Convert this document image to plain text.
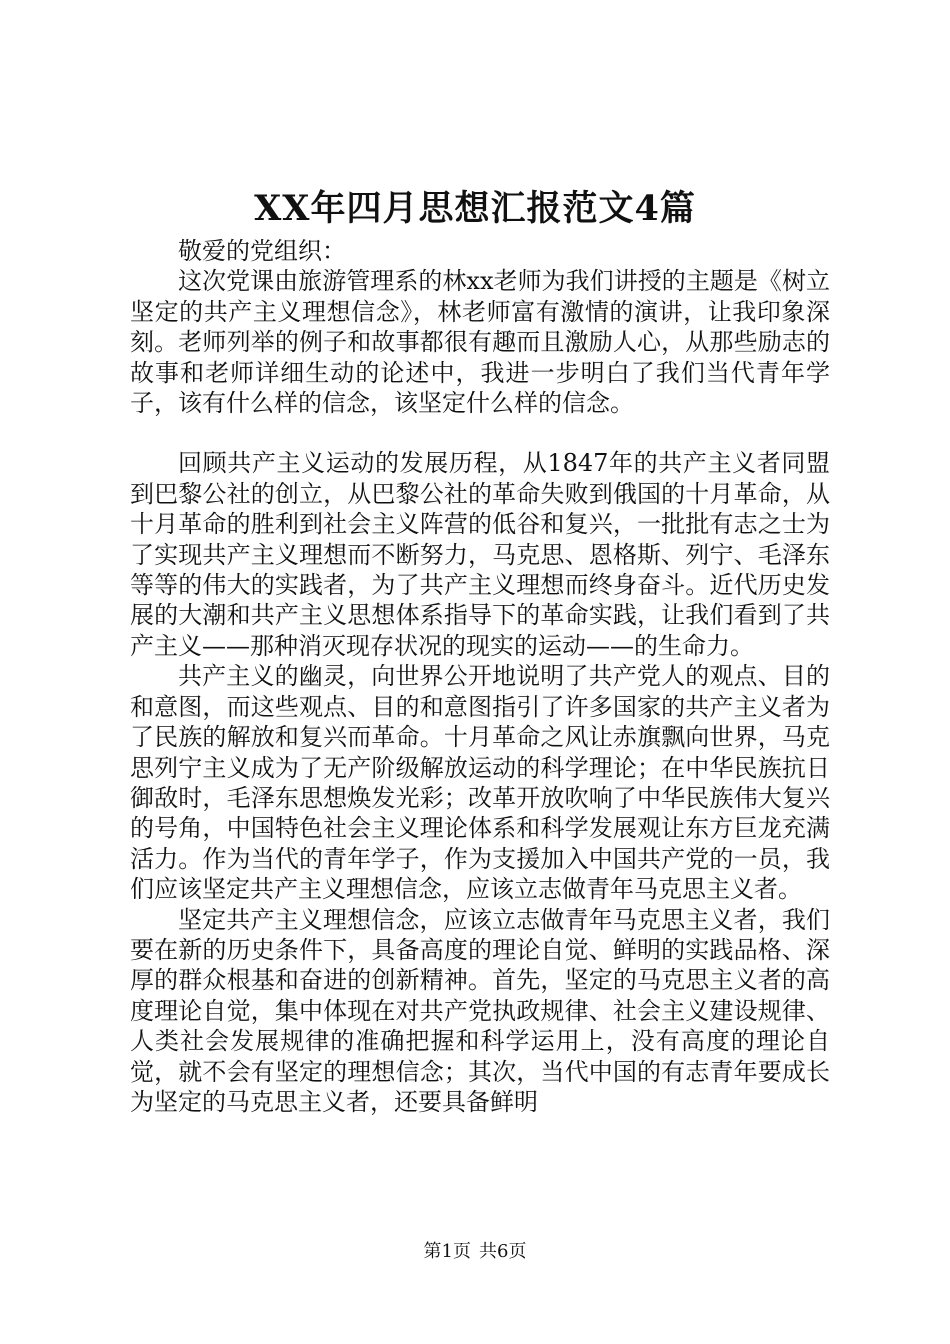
XX年四月思想汇报范文4篇

敬爱的党组织：

这次党课由旅游管理系的林xx老师为我们讲授的主题是《树立坚定的共产主义理想信念》，林老师富有激情的演讲，让我印象深刻。老师列举的例子和故事都很有趣而且激励人心，从那些励志的故事和老师详细生动的论述中，我进一步明白了我们当代青年学子，该有什么样的信念，该坚定什么样的信念。

回顾共产主义运动的发展历程，从1847年的共产主义者同盟到巴黎公社的创立，从巴黎公社的革命失败到俄国的十月革命，从十月革命的胜利到社会主义阵营的低谷和复兴，一批批有志之士为了实现共产主义理想而不断努力，马克思、恩格斯、列宁、毛泽东等等的伟大的实践者，为了共产主义理想而终身奋斗。近代历史发展的大潮和共产主义思想体系指导下的革命实践，让我们看到了共产主义——那种消灭现存状况的现实的运动——的生命力。

共产主义的幽灵，向世界公开地说明了共产党人的观点、目的和意图，而这些观点、目的和意图指引了许多国家的共产主义者为了民族的解放和复兴而革命。十月革命之风让赤旗飘向世界，马克思列宁主义成为了无产阶级解放运动的科学理论；在中华民族抗日御敌时，毛泽东思想焕发光彩；改革开放吹响了中华民族伟大复兴的号角，中国特色社会主义理论体系和科学发展观让东方巨龙充满活力。作为当代的青年学子，作为支援加入中国共产党的一员，我们应该坚定共产主义理想信念，应该立志做青年马克思主义者。

坚定共产主义理想信念，应该立志做青年马克思主义者，我们要在新的历史条件下，具备高度的理论自觉、鲜明的实践品格、深厚的群众根基和奋进的创新精神。首先，坚定的马克思主义者的高度理论自觉，集中体现在对共产党执政规律、社会主义建设规律、人类社会发展规律的准确把握和科学运用上，没有高度的理论自觉，就不会有坚定的理想信念；其次，当代中国的有志青年要成长为坚定的马克思主义者，还要具备鲜明

第1页 共6页
